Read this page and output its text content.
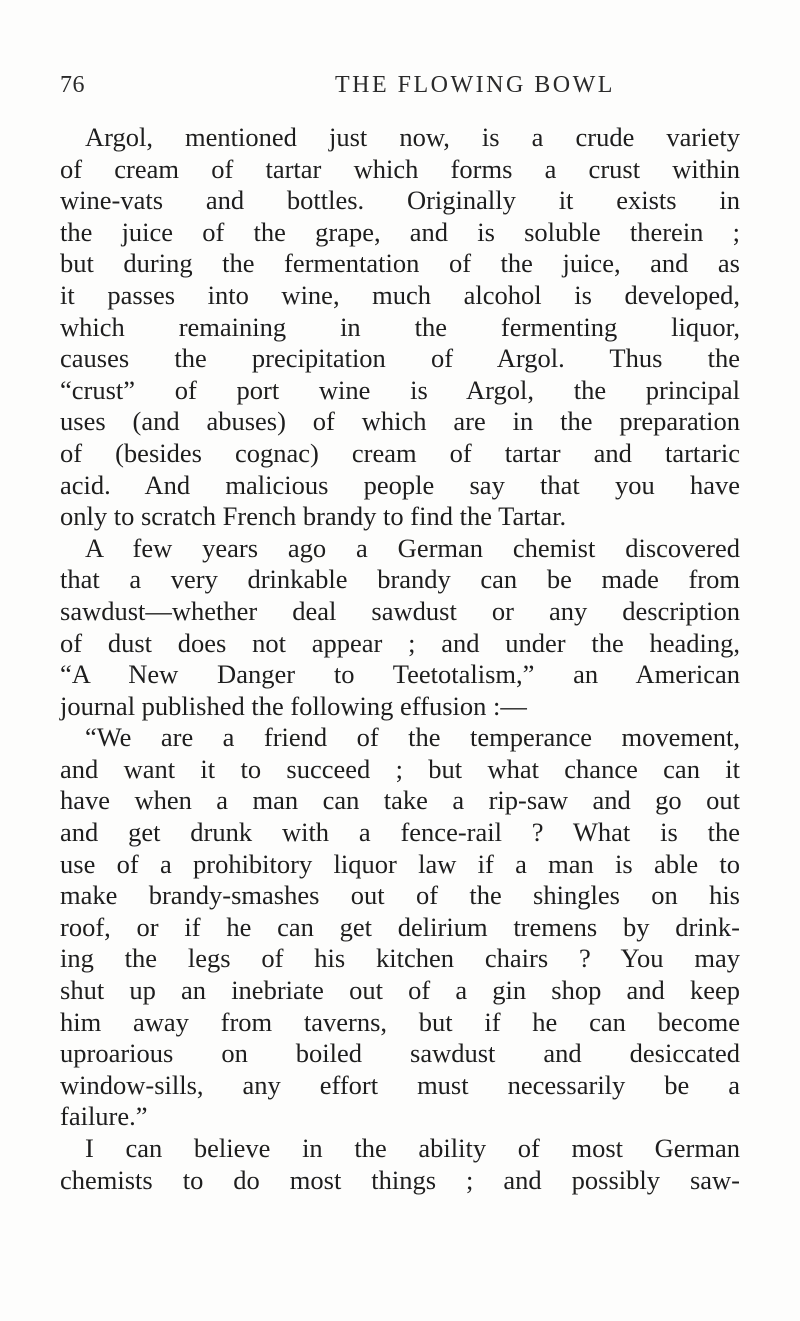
76	THE FLOWING BOWL
Argol, mentioned just now, is a crude variety
of cream of tartar which forms a crust within
wine-vats and bottles. Originally it exists in
the juice of the grape, and is soluble therein ;
but during the fermentation of the juice, and as
it passes into wine, much alcohol is developed,
which remaining in the fermenting liquor,
causes the precipitation of Argol. Thus the
“crust” of port wine is Argol, the principal
uses (and abuses) of which are in the preparation
of (besides cognac) cream of tartar and tartaric
acid. And malicious people say that you have
only to scratch French brandy to find the Tartar.
A few years ago a German chemist discovered
that a very drinkable brandy can be made from
sawdust—whether deal sawdust or any description
of dust does not appear ; and under the heading,
“A New Danger to Teetotalism,” an American
journal published the following effusion :—
“We are a friend of the temperance movement,
and want it to succeed ; but what chance can it
have when a man can take a rip-saw and go out
and get drunk with a fence-rail ? What is the
use of a prohibitory liquor law if a man is able to
make brandy-smashes out of the shingles on his
roof, or if he can get delirium tremens by drink-
ing the legs of his kitchen chairs ? You may
shut up an inebriate out of a gin shop and keep
him away from taverns, but if he can become
uproarious on boiled sawdust and desiccated
window-sills, any effort must necessarily be a
failure.”
I can believe in the ability of most German
chemists to do most things ; and possibly saw-
